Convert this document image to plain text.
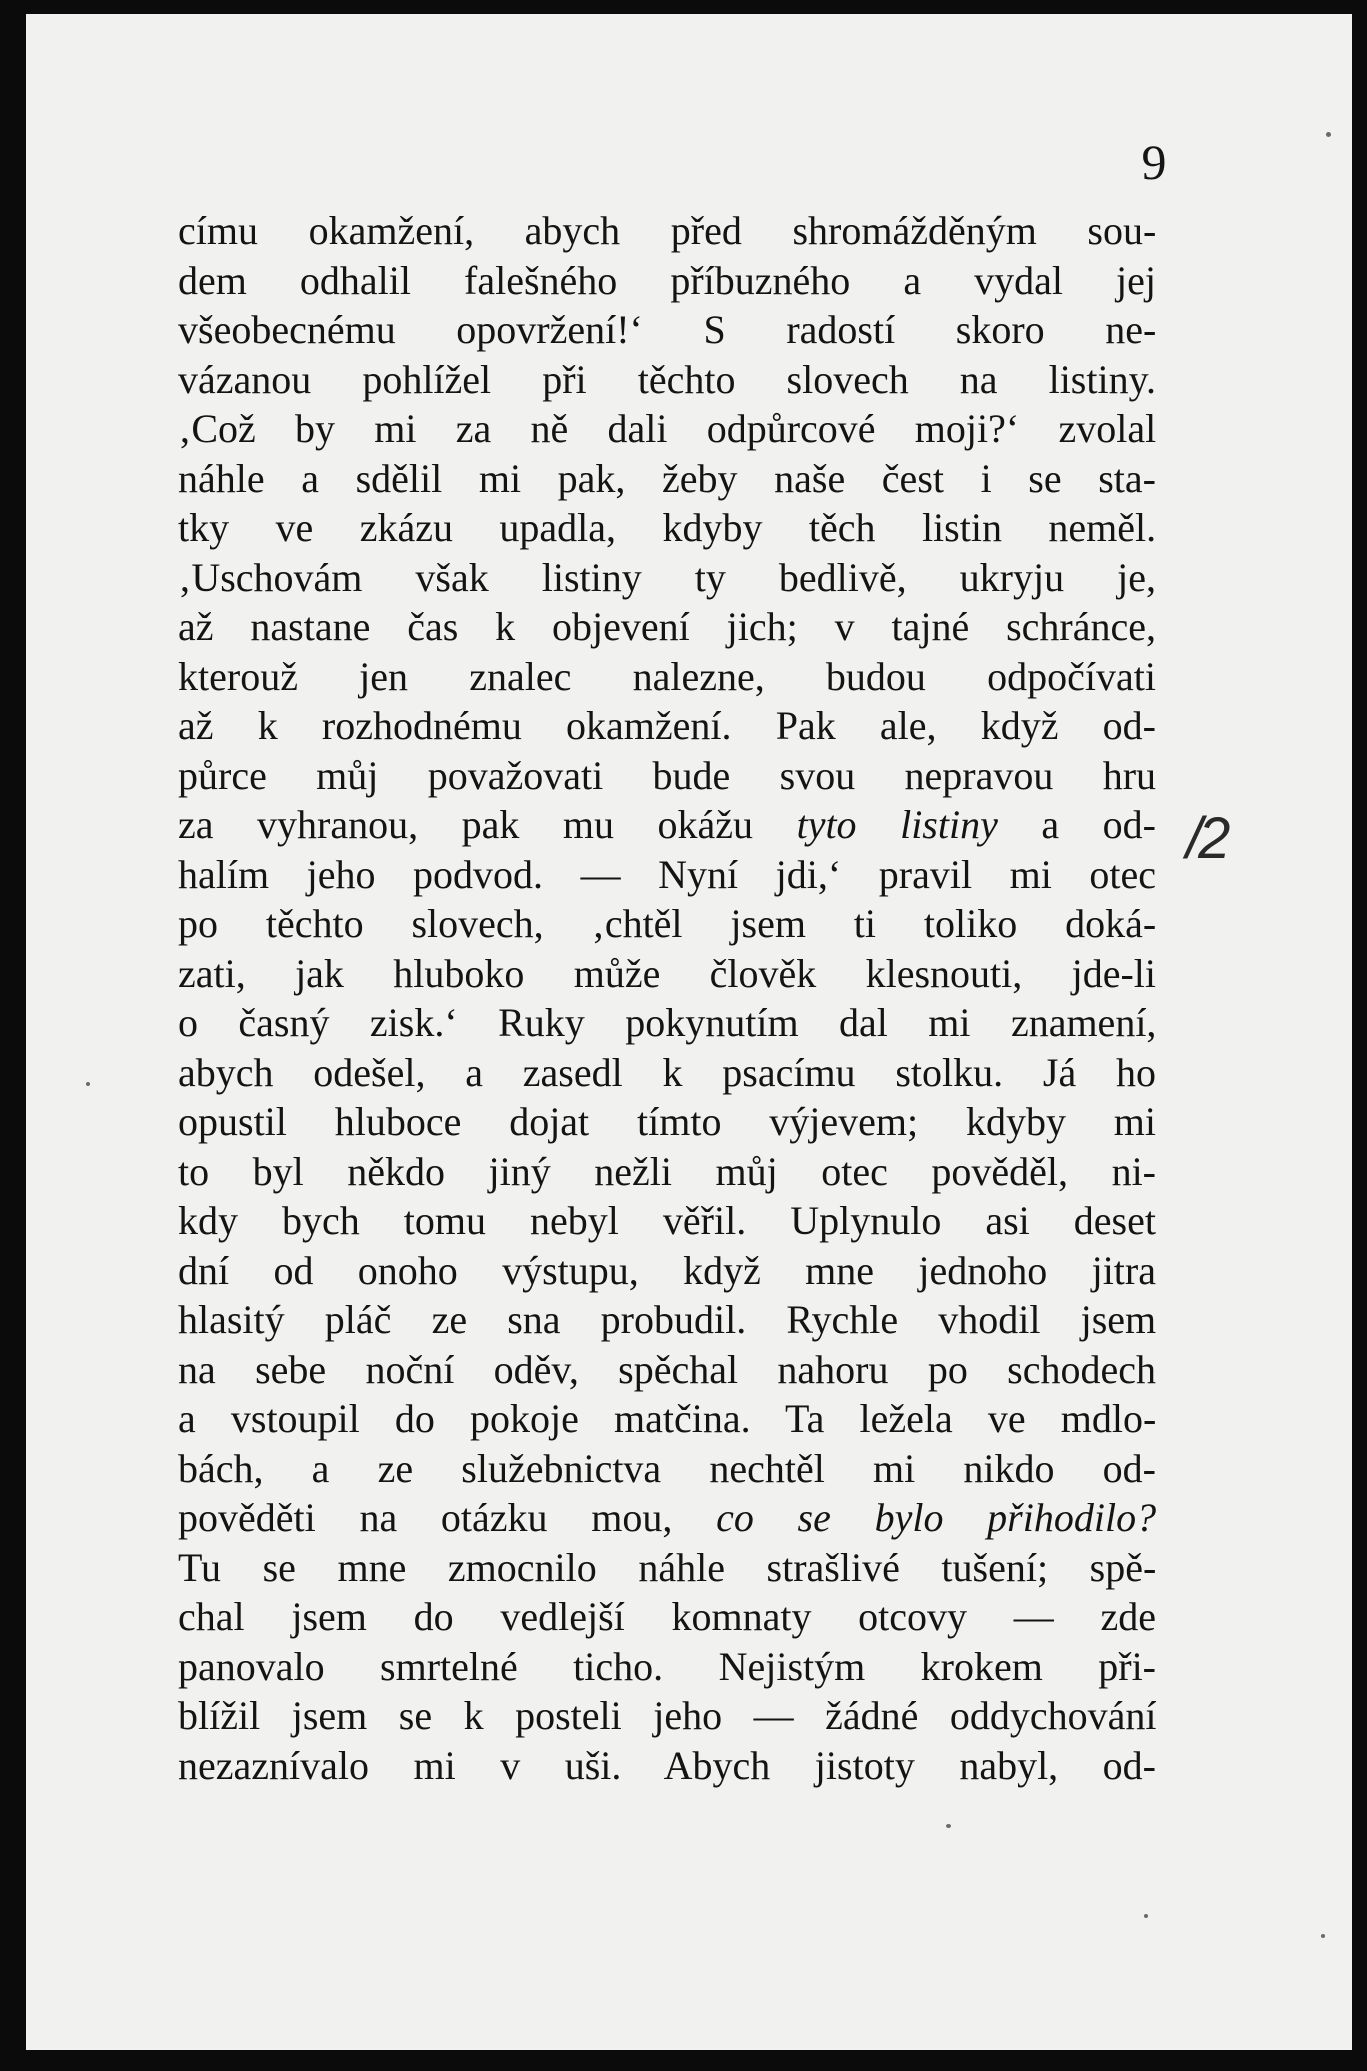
9
/2
címu okamžení, abych před shromážděným sou-
dem odhalil falešného příbuzného a vydal jej
všeobecnému opovržení!‘ S radostí skoro ne-
vázanou pohlížel při těchto slovech na listiny.
‚Což by mi za ně dali odpůrcové moji?‘ zvolal
náhle a sdělil mi pak, žeby naše čest i se sta-
tky ve zkázu upadla, kdyby těch listin neměl.
‚Uschovám však listiny ty bedlivě, ukryju je,
až nastane čas k objevení jich; v tajné schránce,
kterouž jen znalec nalezne, budou odpočívati
až k rozhodnému okamžení. Pak ale, když od-
půrce můj považovati bude svou nepravou hru
za vyhranou, pak mu okážu tyto listiny a od-
halím jeho podvod. — Nyní jdi,‘ pravil mi otec
po těchto slovech, ‚chtěl jsem ti toliko doká-
zati, jak hluboko může člověk klesnouti, jde-li
o časný zisk.‘ Ruky pokynutím dal mi znamení,
abych odešel, a zasedl k psacímu stolku. Já ho
opustil hluboce dojat tímto výjevem; kdyby mi
to byl někdo jiný nežli můj otec pověděl, ni-
kdy bych tomu nebyl věřil. Uplynulo asi deset
dní od onoho výstupu, když mne jednoho jitra
hlasitý pláč ze sna probudil. Rychle vhodil jsem
na sebe noční oděv, spěchal nahoru po schodech
a vstoupil do pokoje matčina. Ta ležela ve mdlo-
bách, a ze služebnictva nechtěl mi nikdo od-
pověděti na otázku mou, co se bylo přihodilo?
Tu se mne zmocnilo náhle strašlivé tušení; spě-
chal jsem do vedlejší komnaty otcovy — zde
panovalo smrtelné ticho. Nejistým krokem při-
blížil jsem se k posteli jeho — žádné oddychování
nezaznívalo mi v uši. Abych jistoty nabyl, od-
